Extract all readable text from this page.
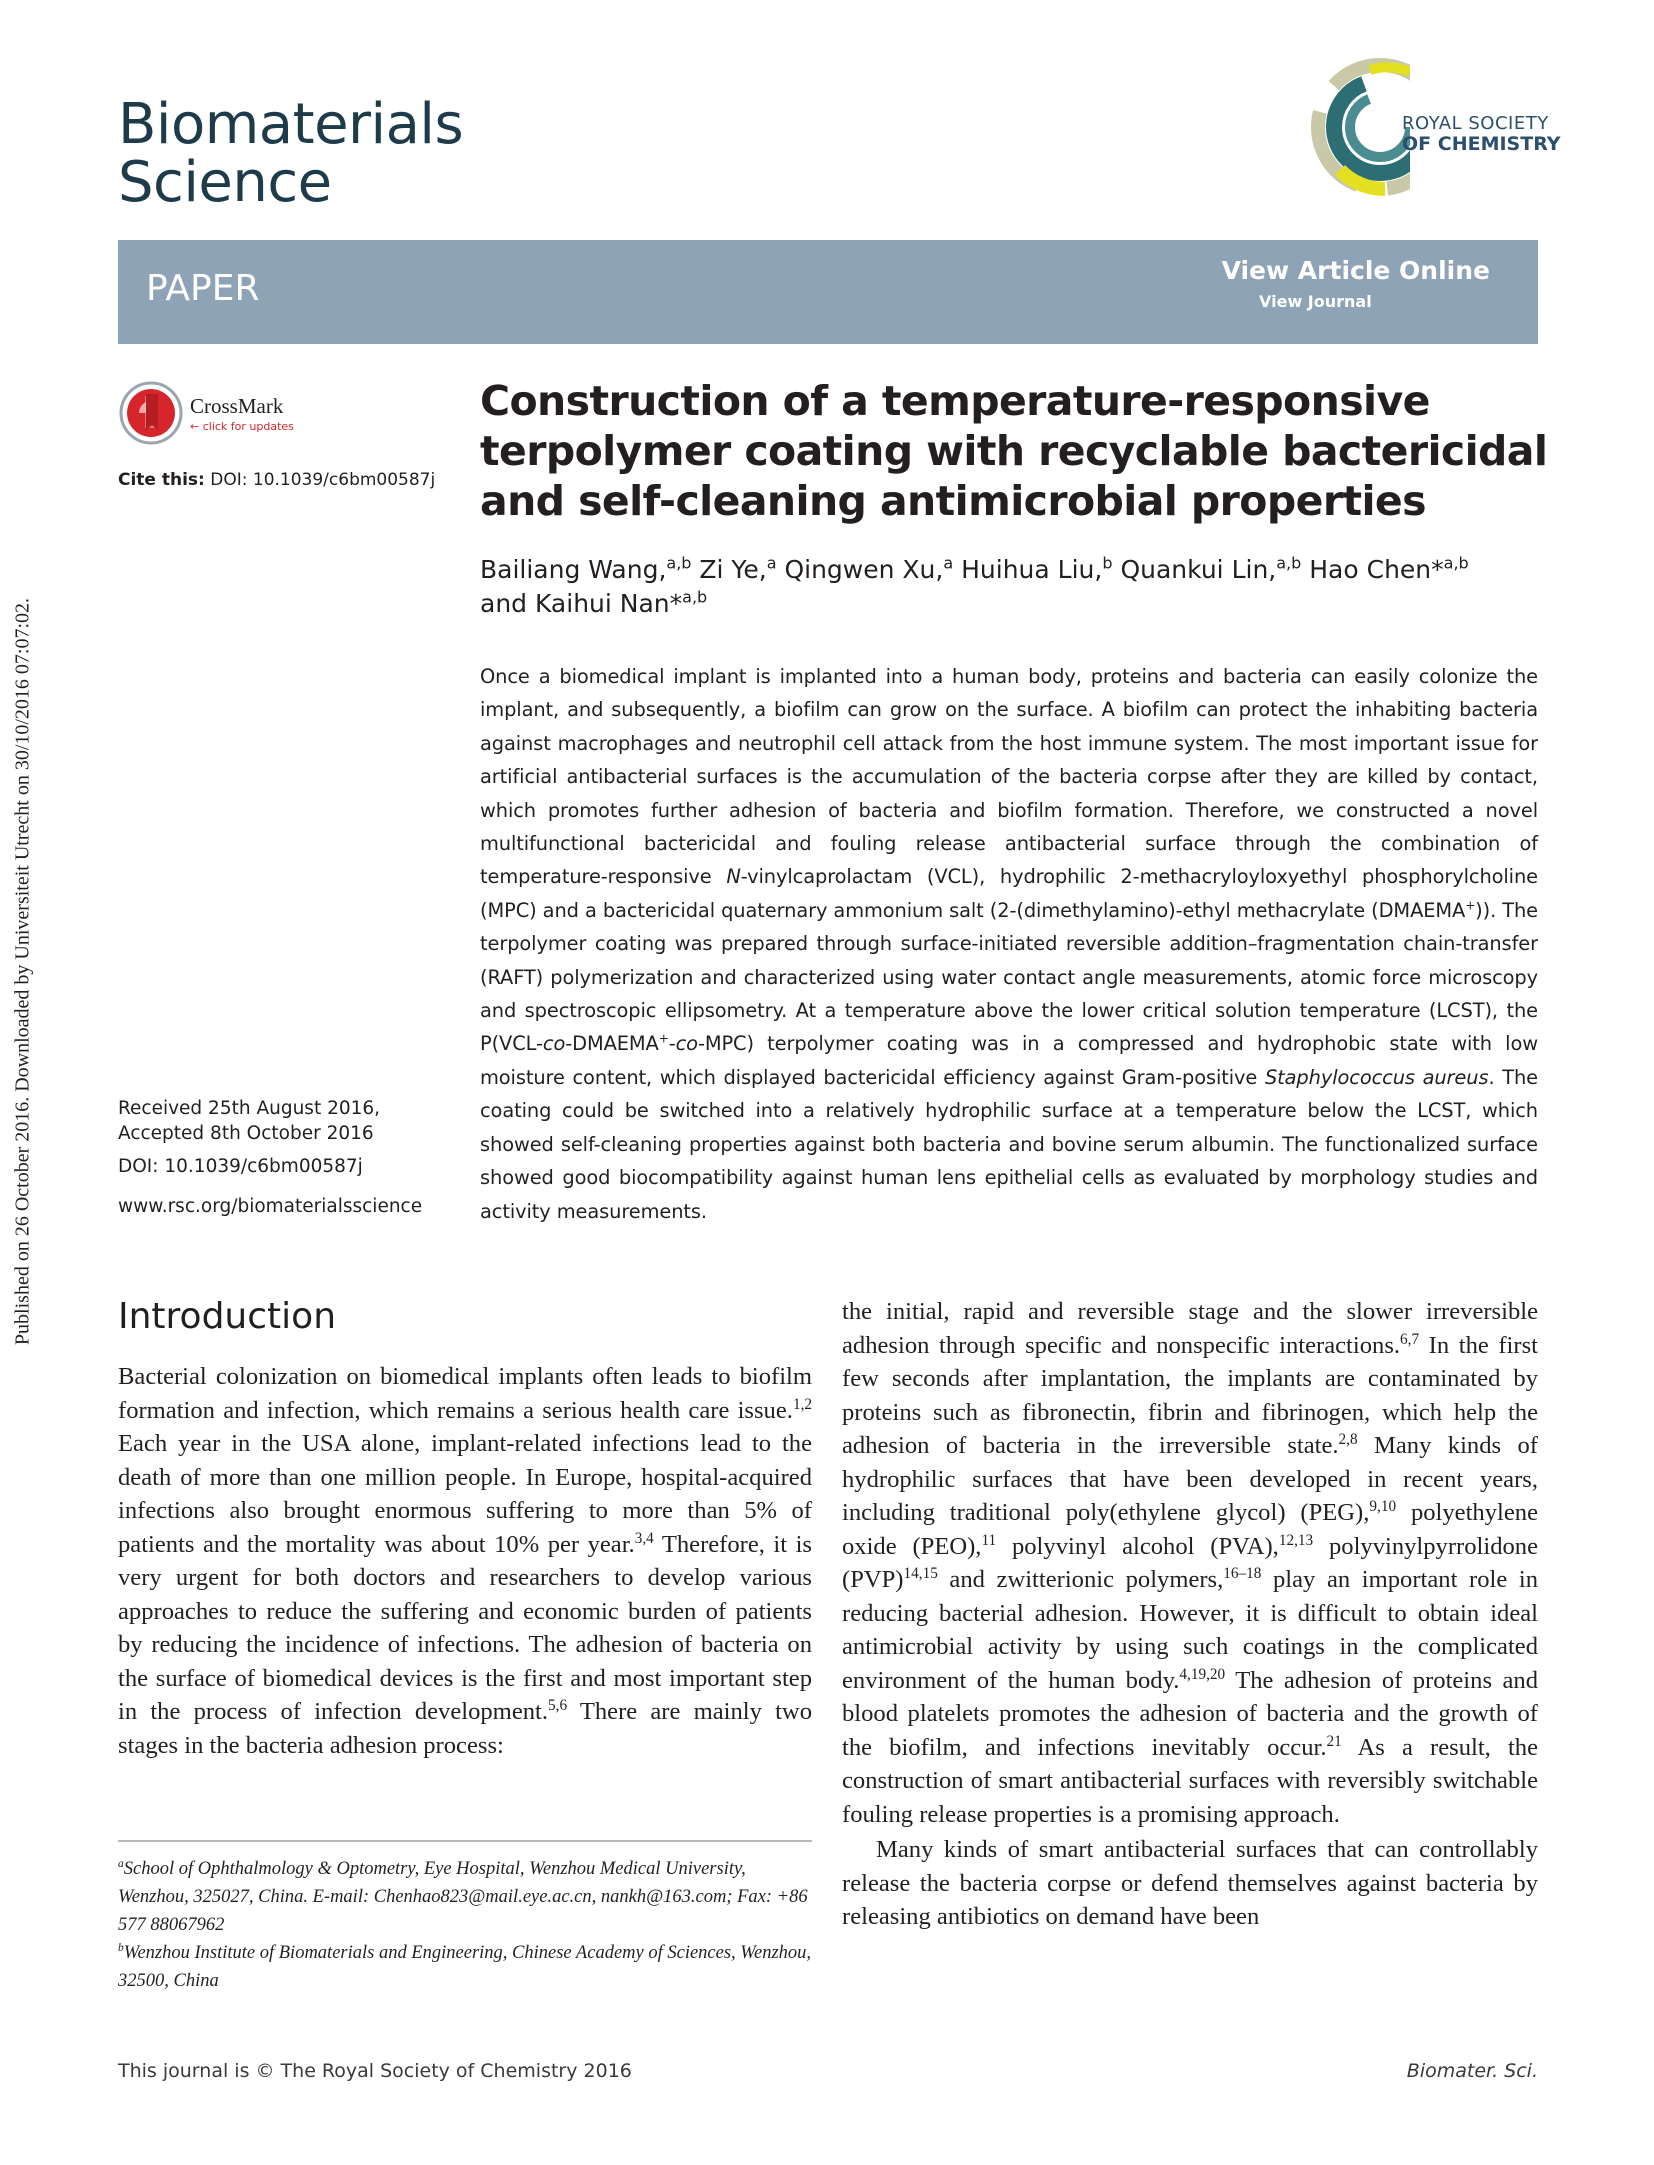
Published on 26 October 2016. Downloaded by Universiteit Utrecht on 30/10/2016 07:07:02.
Biomaterials
Science
ROYAL SOCIETY
OF CHEMISTRY
PAPER	View Article Online
View Journal
CrossMark
← click for updates
Cite this: DOI: 10.1039/c6bm00587j
Construction of a temperature-responsive terpolymer coating with recyclable bactericidal and self-cleaning antimicrobial properties
Bailiang Wang,$^{a,b}$ Zi Ye,$^a$ Qingwen Xu,$^a$ Huihua Liu,$^b$ Quankui Lin,$^{a,b}$ Hao Chen*$^{a,b}$
and Kaihui Nan*$^{a,b}$
Once a biomedical implant is implanted into a human body, proteins and bacteria can easily colonize the implant, and subsequently, a biofilm can grow on the surface. A biofilm can protect the inhabiting bacteria against macrophages and neutrophil cell attack from the host immune system. The most important issue for artificial antibacterial surfaces is the accumulation of the bacteria corpse after they are killed by contact, which promotes further adhesion of bacteria and biofilm formation. Therefore, we constructed a novel multifunctional bactericidal and fouling release antibacterial surface through the combination of temperature-responsive N-vinylcaprolactam (VCL), hydrophilic 2-methacryloyloxyethyl phosphorylcholine (MPC) and a bactericidal quaternary ammonium salt (2-(dimethylamino)-ethyl methacrylate (DMAEMA+)). The terpolymer coating was prepared through surface-initiated reversible addition–fragmentation chain-transfer (RAFT) polymerization and characterized using water contact angle measurements, atomic force microscopy and spectroscopic ellipsometry. At a temperature above the lower critical solution temperature (LCST), the P(VCL-co-DMAEMA+-co-MPC) terpolymer coating was in a compressed and hydrophobic state with low moisture content, which displayed bactericidal efficiency against Gram-positive Staphylococcus aureus. The coating could be switched into a relatively hydrophilic surface at a temperature below the LCST, which showed self-cleaning properties against both bacteria and bovine serum albumin. The functionalized surface showed good biocompatibility against human lens epithelial cells as evaluated by morphology studies and activity measurements.
Received 25th August 2016,
Accepted 8th October 2016
DOI: 10.1039/c6bm00587j
www.rsc.org/biomaterialsscience
Introduction
Bacterial colonization on biomedical implants often leads to biofilm formation and infection, which remains a serious health care issue.$^{1,2}$ Each year in the USA alone, implant-related infections lead to the death of more than one million people. In Europe, hospital-acquired infections also brought enormous suffering to more than 5% of patients and the mortality was about 10% per year.$^{3,4}$ Therefore, it is very urgent for both doctors and researchers to develop various approaches to reduce the suffering and economic burden of patients by reducing the incidence of infections. The adhesion of bacteria on the surface of biomedical devices is the first and most important step in the process of infection development.$^{5,6}$ There are mainly two stages in the bacteria adhesion process:
the initial, rapid and reversible stage and the slower irreversible adhesion through specific and nonspecific interactions.$^{6,7}$ In the first few seconds after implantation, the implants are contaminated by proteins such as fibronectin, fibrin and fibrinogen, which help the adhesion of bacteria in the irreversible state.$^{2,8}$ Many kinds of hydrophilic surfaces that have been developed in recent years, including traditional poly(ethylene glycol) (PEG),$^{9,10}$ polyethylene oxide (PEO),$^{11}$ polyvinyl alcohol (PVA),$^{12,13}$ polyvinylpyrrolidone (PVP)$^{14,15}$ and zwitterionic polymers,$^{16-18}$ play an important role in reducing bacterial adhesion. However, it is difficult to obtain ideal antimicrobial activity by using such coatings in the complicated environment of the human body.$^{4,19,20}$ The adhesion of proteins and blood platelets promotes the adhesion of bacteria and the growth of the biofilm, and infections inevitably occur.$^{21}$ As a result, the construction of smart antibacterial surfaces with reversibly switchable fouling release properties is a promising approach.
Many kinds of smart antibacterial surfaces that can controllably release the bacteria corpse or defend themselves against bacteria by releasing antibiotics on demand have been
$^a$School of Ophthalmology & Optometry, Eye Hospital, Wenzhou Medical University, Wenzhou, 325027, China. E-mail: Chenhao823@mail.eye.ac.cn, nankh@163.com; Fax: +86 577 88067962
$^b$Wenzhou Institute of Biomaterials and Engineering, Chinese Academy of Sciences, Wenzhou, 32500, China
This journal is © The Royal Society of Chemistry 2016	Biomater. Sci.
